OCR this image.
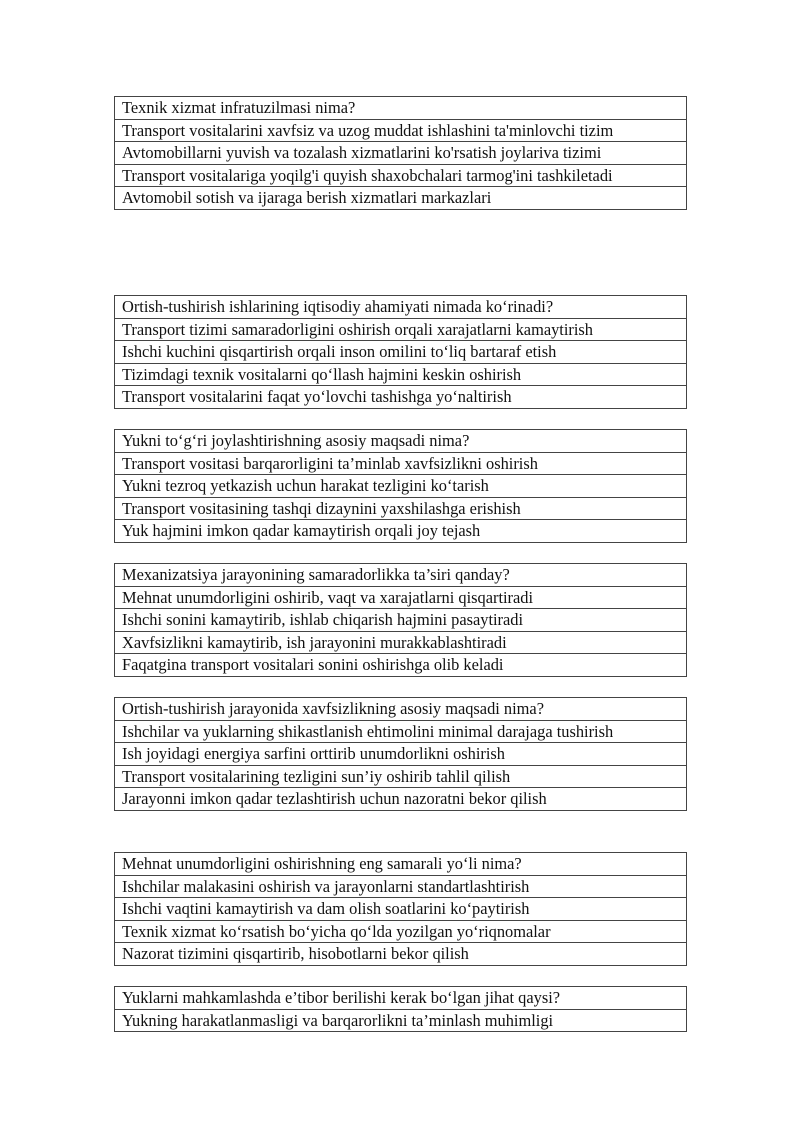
Texnik xizmat infratuzilmasi nima?
Transport vositalarini xavfsiz va uzog muddat ishlashini ta'minlovchi tizim
Avtomobillarni yuvish va tozalash xizmatlarini ko'rsatish joylariva tizimi
Transport vositalariga yoqilg'i quyish shaxobchalari tarmog'ini tashkiletadi
Avtomobil sotish va ijaraga berish xizmatlari markazlari
Ortish-tushirish ishlarining iqtisodiy ahamiyati nimada ko‘rinadi?
Transport tizimi samaradorligini oshirish orqali xarajatlarni kamaytirish
Ishchi kuchini qisqartirish orqali inson omilini to‘liq bartaraf etish
Tizimdagi texnik vositalarni qo‘llash hajmini keskin oshirish
Transport vositalarini faqat yo‘lovchi tashishga yo‘naltirish
Yukni to‘g‘ri joylashtirishning asosiy maqsadi nima?
Transport vositasi barqarorligini ta’minlab xavfsizlikni oshirish
Yukni tezroq yetkazish uchun harakat tezligini ko‘tarish
Transport vositasining tashqi dizaynini yaxshilashga erishish
Yuk hajmini imkon qadar kamaytirish orqali joy tejash
Mexanizatsiya jarayonining samaradorlikka ta’siri qanday?
Mehnat unumdorligini oshirib, vaqt va xarajatlarni qisqartiradi
Ishchi sonini kamaytirib, ishlab chiqarish hajmini pasaytiradi
Xavfsizlikni kamaytirib, ish jarayonini murakkablashtiradi
Faqatgina transport vositalari sonini oshirishga olib keladi
Ortish-tushirish jarayonida xavfsizlikning asosiy maqsadi nima?
Ishchilar va yuklarning shikastlanish ehtimolini minimal darajaga tushirish
Ish joyidagi energiya sarfini orttirib unumdorlikni oshirish
Transport vositalarining tezligini sun’iy oshirib tahlil qilish
Jarayonni imkon qadar tezlashtirish uchun nazoratni bekor qilish
Mehnat unumdorligini oshirishning eng samarali yo‘li nima?
Ishchilar malakasini oshirish va jarayonlarni standartlashtirish
Ishchi vaqtini kamaytirish va dam olish soatlarini ko‘paytirish
Texnik xizmat ko‘rsatish bo‘yicha qo‘lda yozilgan yo‘riqnomalar
Nazorat tizimini qisqartirib, hisobotlarni bekor qilish
Yuklarni mahkamlashda e’tibor berilishi kerak bo‘lgan jihat qaysi?
Yukning harakatlanmasligi va barqarorlikni ta’minlash muhimligi
